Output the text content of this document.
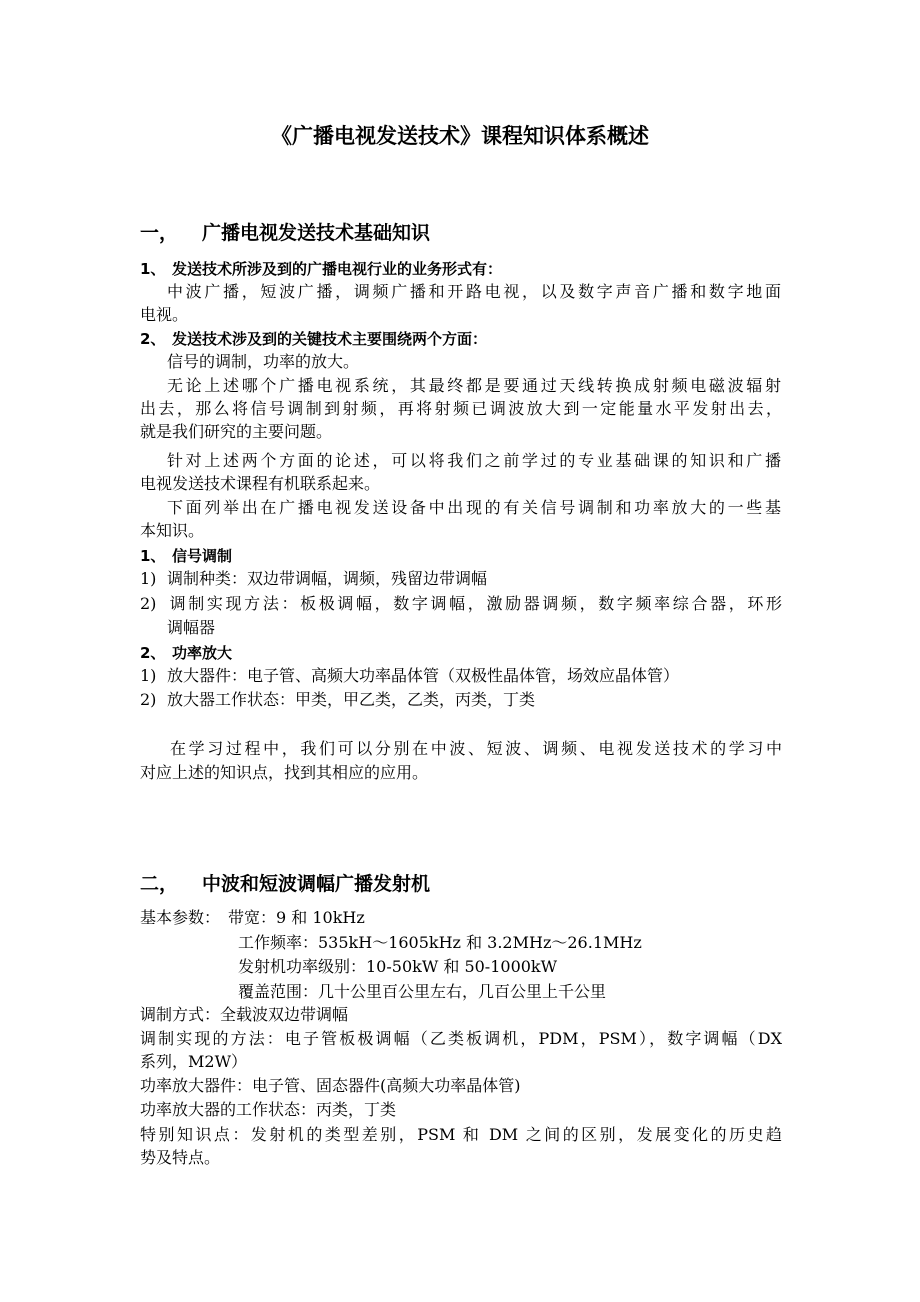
《广播电视发送技术》课程知识体系概述
一， 广播电视发送技术基础知识
1、 发送技术所涉及到的广播电视行业的业务形式有：
中波广播，短波广播，调频广播和开路电视，以及数字声音广播和数字地面
电视。
2、 发送技术涉及到的关键技术主要围绕两个方面：
信号的调制，功率的放大。
无论上述哪个广播电视系统，其最终都是要通过天线转换成射频电磁波辐射
出去，那么将信号调制到射频，再将射频已调波放大到一定能量水平发射出去，
就是我们研究的主要问题。
针对上述两个方面的论述，可以将我们之前学过的专业基础课的知识和广播
电视发送技术课程有机联系起来。
下面列举出在广播电视发送设备中出现的有关信号调制和功率放大的一些基
本知识。
1、 信号调制
1) 调制种类：双边带调幅，调频，残留边带调幅
2) 调制实现方法：板极调幅，数字调幅，激励器调频，数字频率综合器，环形
调幅器
2、 功率放大
1) 放大器件：电子管、高频大功率晶体管（双极性晶体管，场效应晶体管）
2) 放大器工作状态：甲类，甲乙类，乙类，丙类，丁类
在学习过程中，我们可以分别在中波、短波、调频、电视发送技术的学习中
对应上述的知识点，找到其相应的应用。
二， 中波和短波调幅广播发射机
基本参数： 带宽：9 和 10kHz
工作频率：535kH～1605kHz 和 3.2MHz～26.1MHz
发射机功率级别：10-50kW 和 50-1000kW
覆盖范围：几十公里百公里左右，几百公里上千公里
调制方式：全载波双边带调幅
调制实现的方法：电子管板极调幅（乙类板调机，PDM，PSM），数字调幅（DX
系列，M2W）
功率放大器件：电子管、固态器件(高频大功率晶体管)
功率放大器的工作状态：丙类，丁类
特别知识点：发射机的类型差别，PSM 和 DM 之间的区别，发展变化的历史趋
势及特点。
